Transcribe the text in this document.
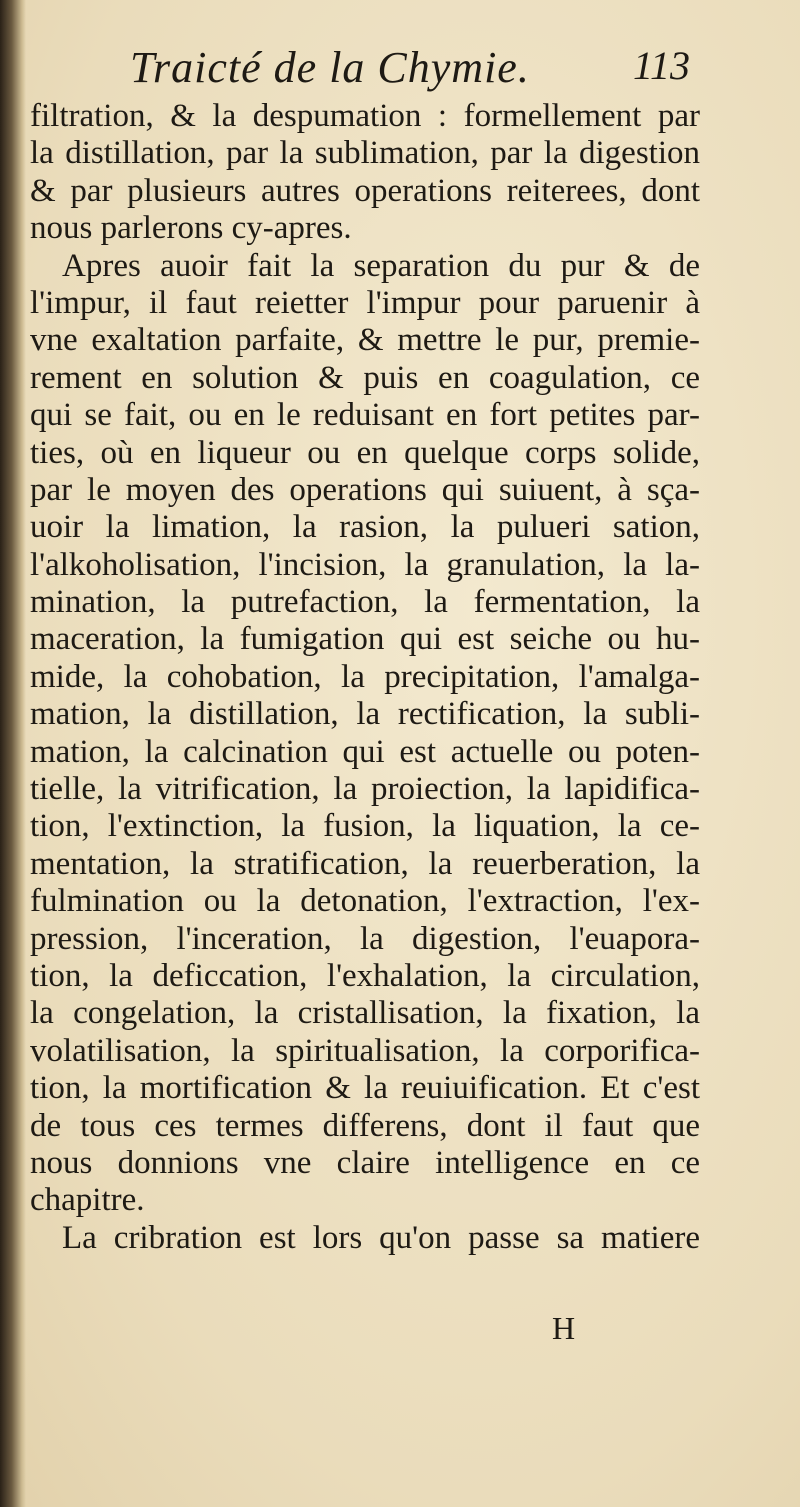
Traicté de la Chymie.	113
filtration, & la despumation : formellement par
la distillation, par la sublimation, par la digestion
& par plusieurs autres operations reiterees, dont
nous parlerons cy-apres.
Apres auoir fait la separation du pur & de
l'impur, il faut reietter l'impur pour paruenir à
vne exaltation parfaite, & mettre le pur, premie-
rement en solution & puis en coagulation, ce
qui se fait, ou en le reduisant en fort petites par-
ties, où en liqueur ou en quelque corps solide,
par le moyen des operations qui suiuent, à sça-
uoir la limation, la rasion, la pulueri sation,
l'alkoholisation, l'incision, la granulation, la la-
mination, la putrefaction, la fermentation, la
maceration, la fumigation qui est seiche ou hu-
mide, la cohobation, la precipitation, l'amalga-
mation, la distillation, la rectification, la subli-
mation, la calcination qui est actuelle ou poten-
tielle, la vitrification, la proiection, la lapidifica-
tion, l'extinction, la fusion, la liquation, la ce-
mentation, la stratification, la reuerberation, la
fulmination ou la detonation, l'extraction, l'ex-
pression, l'inceration, la digestion, l'euapora-
tion, la deficcation, l'exhalation, la circulation,
la congelation, la cristallisation, la fixation, la
volatilisation, la spiritualisation, la corporifica-
tion, la mortification & la reuiuification. Et c'est
de tous ces termes differens, dont il faut que
nous donnions vne claire intelligence en ce
chapitre.
La cribration est lors qu'on passe sa matiere
H
